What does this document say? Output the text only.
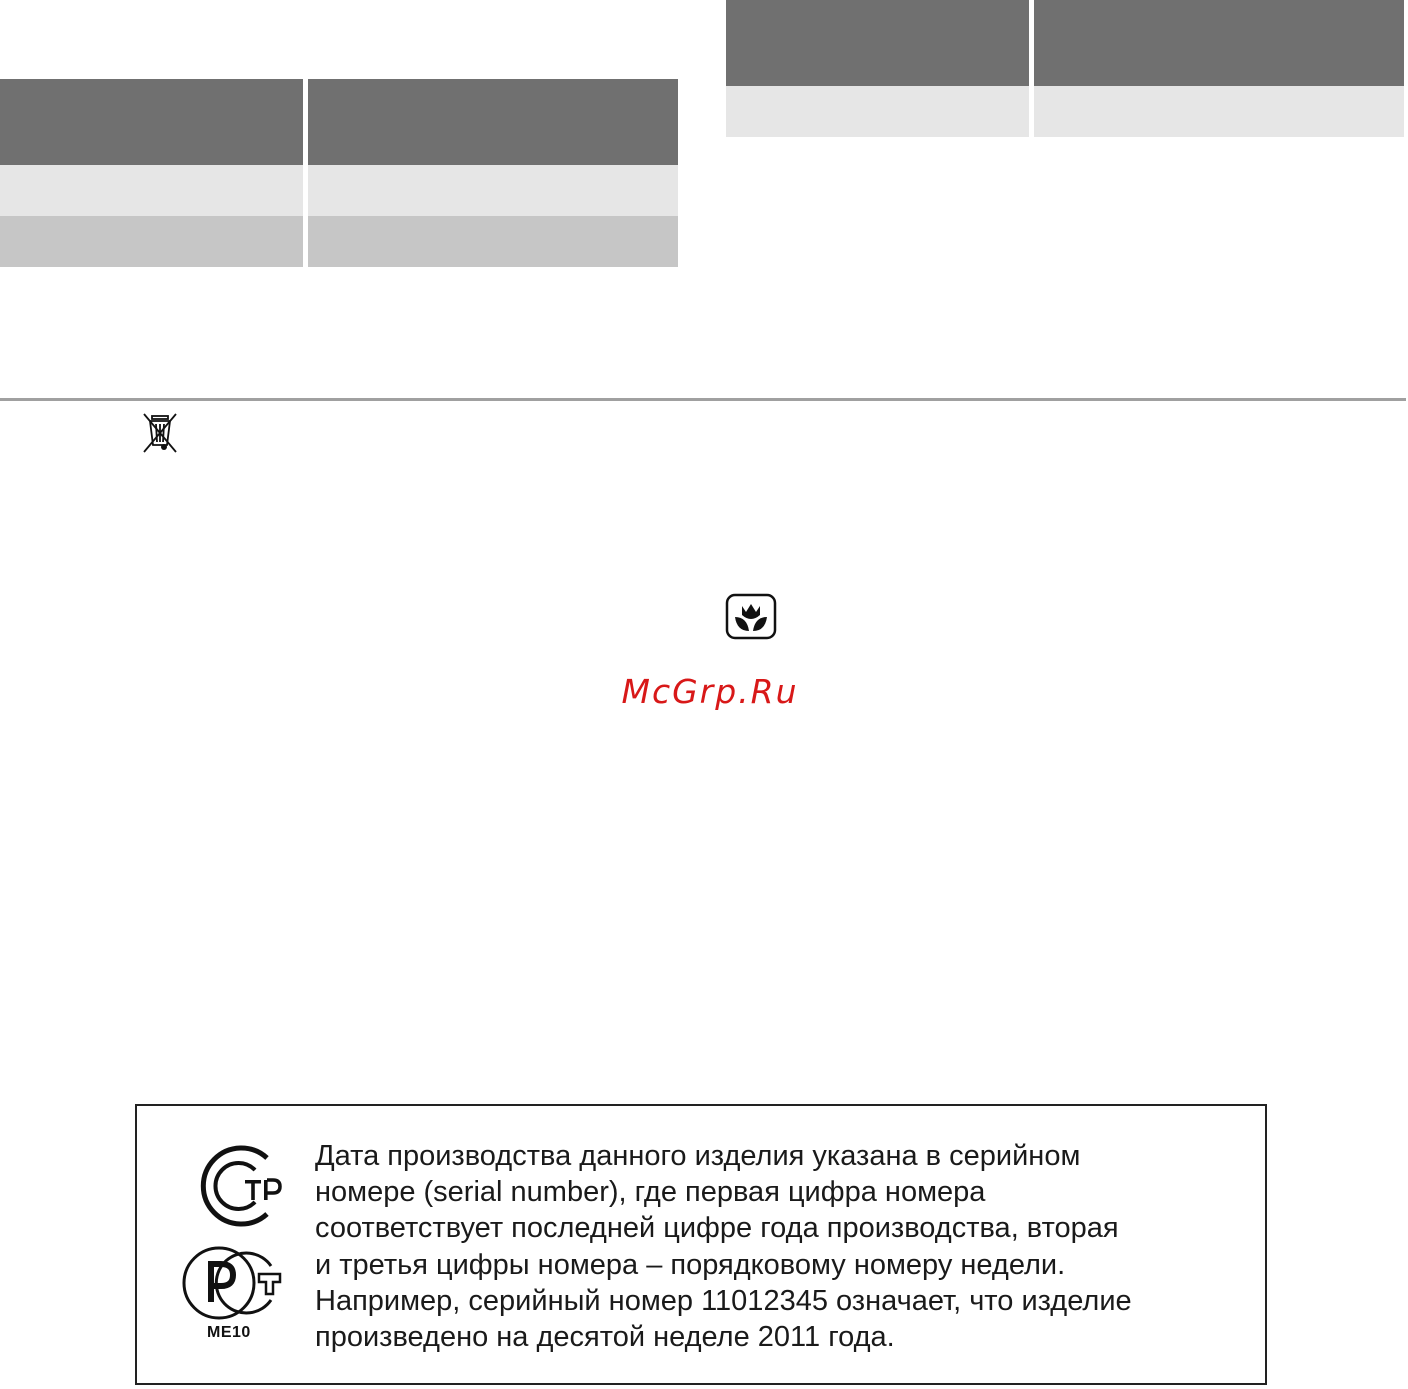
McGrp.Ru
ME10

Дата производства данного изделия указана в серийном
номере (serial number), где первая цифра номера
соответствует последней цифре года производства, вторая
и третья цифры номера – порядковому номеру недели.
Например, серийный номер 11012345 означает, что изделие
произведено на десятой неделе 2011 года.
